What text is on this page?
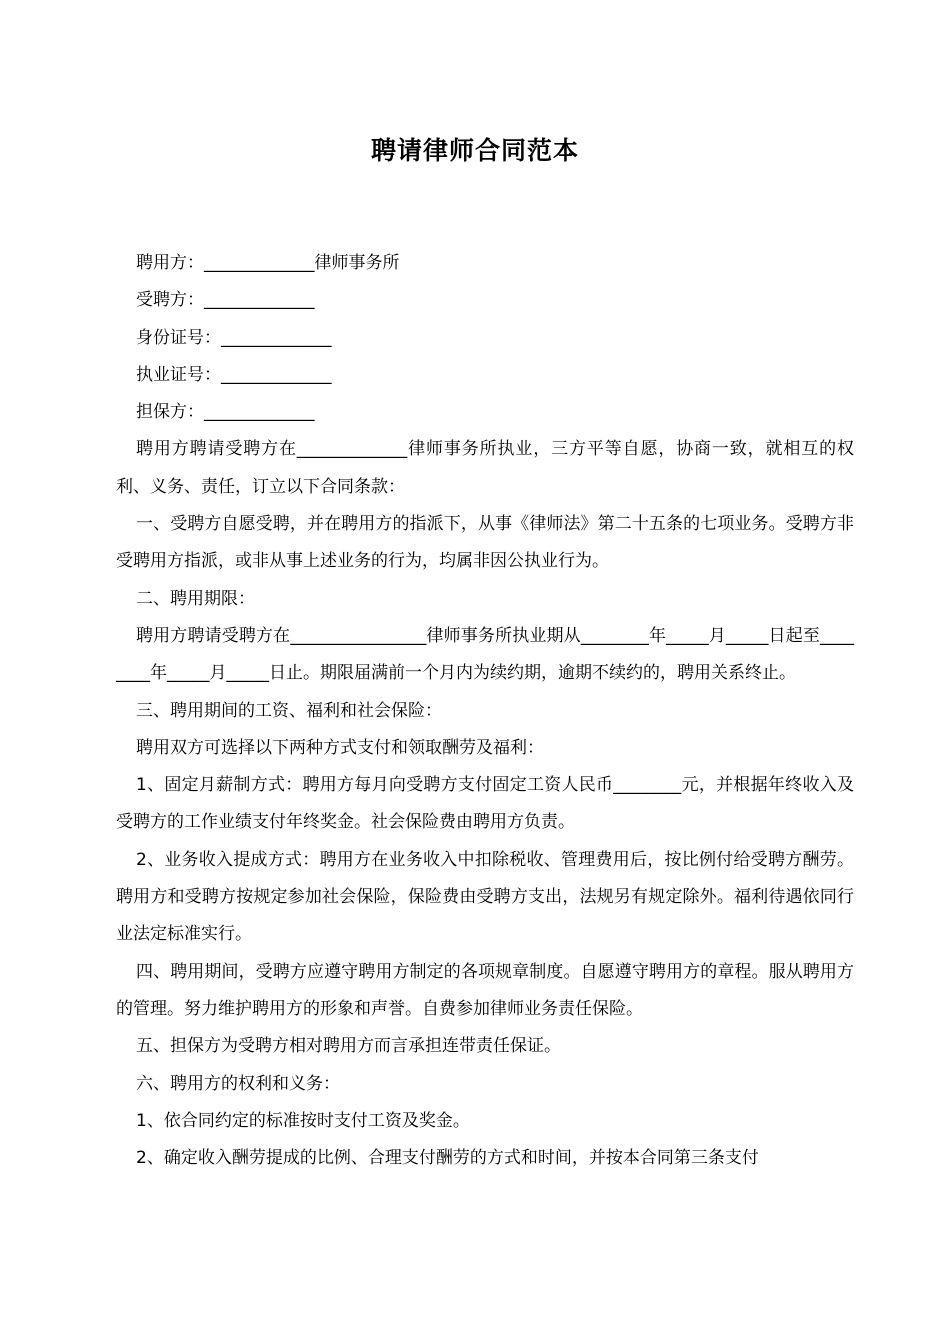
聘请律师合同范本

聘用方：_____________律师事务所

受聘方：_____________

身份证号：_____________

执业证号：_____________

担保方：_____________

聘用方聘请受聘方在_____________律师事务所执业，三方平等自愿，协商一致，就相互的权利、义务、责任，订立以下合同条款：

一、受聘方自愿受聘，并在聘用方的指派下，从事《律师法》第二十五条的七项业务。受聘方非受聘用方指派，或非从事上述业务的行为，均属非因公执业行为。

二、聘用期限：

聘用方聘请受聘方在________________律师事务所执业期从________年_____月_____日起至________年_____月_____日止。期限届满前一个月内为续约期，逾期不续约的，聘用关系终止。

三、聘用期间的工资、福利和社会保险：

聘用双方可选择以下两种方式支付和领取酬劳及福利：

1、固定月薪制方式：聘用方每月向受聘方支付固定工资人民币________元，并根据年终收入及受聘方的工作业绩支付年终奖金。社会保险费由聘用方负责。

2、业务收入提成方式：聘用方在业务收入中扣除税收、管理费用后，按比例付给受聘方酬劳。聘用方和受聘方按规定参加社会保险，保险费由受聘方支出，法规另有规定除外。福利待遇依同行业法定标准实行。

四、聘用期间，受聘方应遵守聘用方制定的各项规章制度。自愿遵守聘用方的章程。服从聘用方的管理。努力维护聘用方的形象和声誉。自费参加律师业务责任保险。

五、担保方为受聘方相对聘用方而言承担连带责任保证。

六、聘用方的权利和义务：

1、依合同约定的标准按时支付工资及奖金。

2、确定收入酬劳提成的比例、合理支付酬劳的方式和时间，并按本合同第三条支付
